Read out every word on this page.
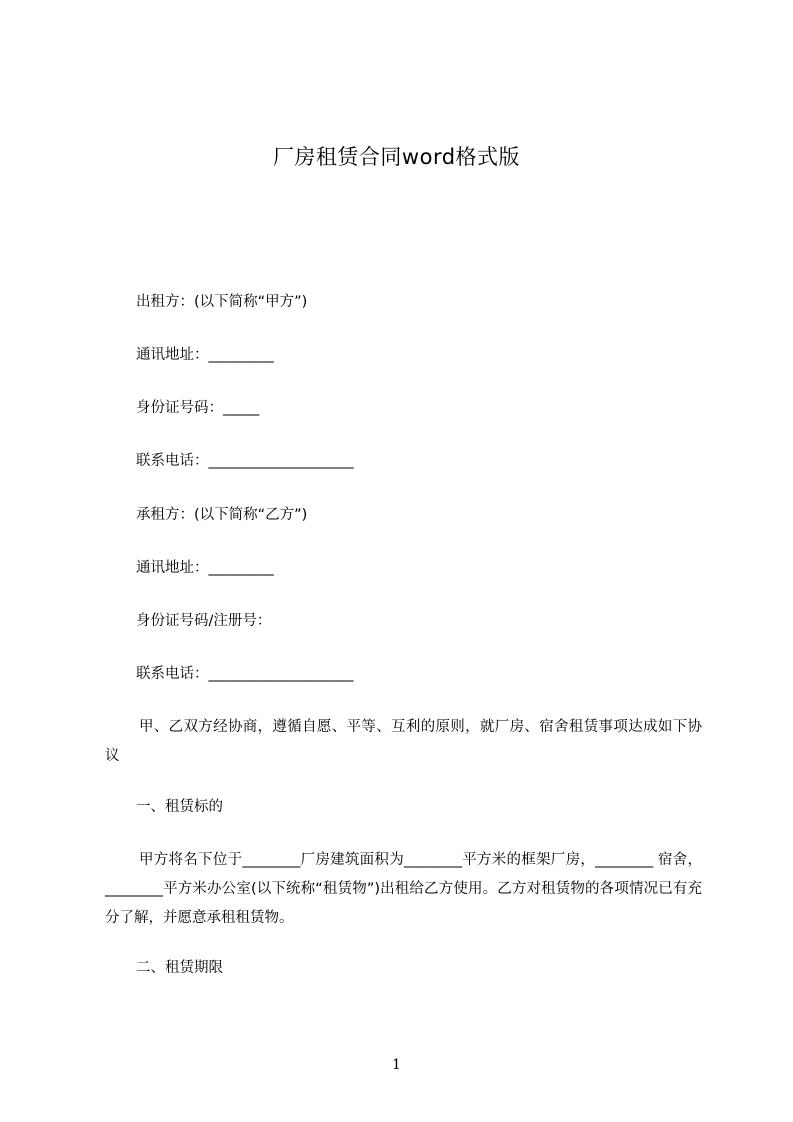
厂房租赁合同word格式版
出租方：(以下简称“甲方”)
通讯地址：_________
身份证号码：_____
联系电话：____________________
承租方：(以下简称“乙方”)
通讯地址：_________
身份证号码/注册号：
联系电话：____________________
甲、乙双方经协商，遵循自愿、平等、互利的原则，就厂房、宿舍租赁事项达成如下协议
一、租赁标的
甲方将名下位于________厂房建筑面积为________平方米的框架厂房，________ 宿舍，________平方米办公室(以下统称“租赁物”)出租给乙方使用。乙方对租赁物的各项情况已有充分了解，并愿意承租租赁物。
二、租赁期限
1
